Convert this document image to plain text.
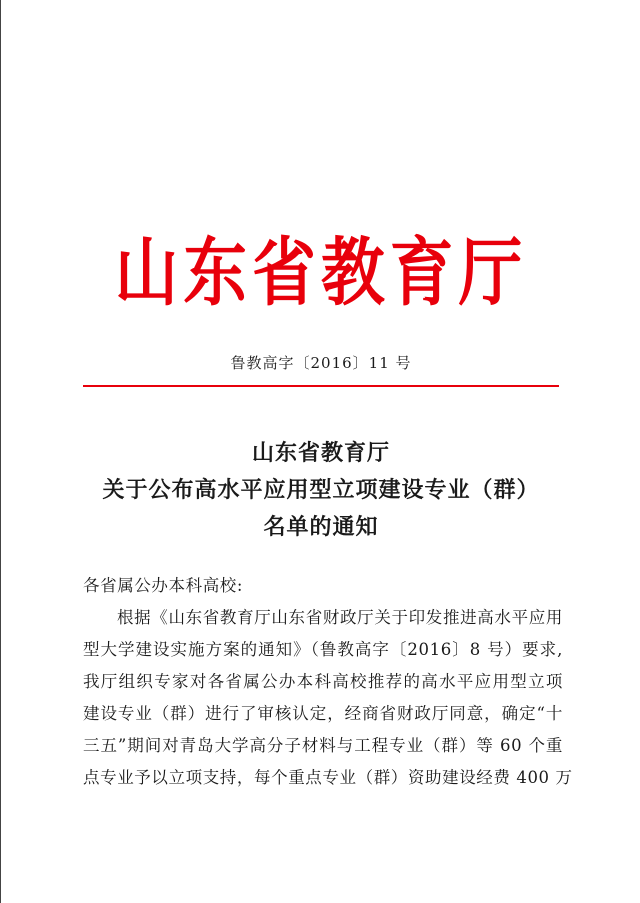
山东省教育厅
鲁教高字〔2016〕11 号
山东省教育厅
关于公布高水平应用型立项建设专业（群）
名单的通知
各省属公办本科高校:
根据《山东省教育厅山东省财政厅关于印发推进高水平应用
型大学建设实施方案的通知》（鲁教高字〔2016〕8 号）要求,
我厅组织专家对各省属公办本科高校推荐的高水平应用型立项
建设专业（群）进行了审核认定，经商省财政厅同意，确定“十
三五”期间对青岛大学高分子材料与工程专业（群）等 60 个重
点专业予以立项支持，每个重点专业（群）资助建设经费 400 万
